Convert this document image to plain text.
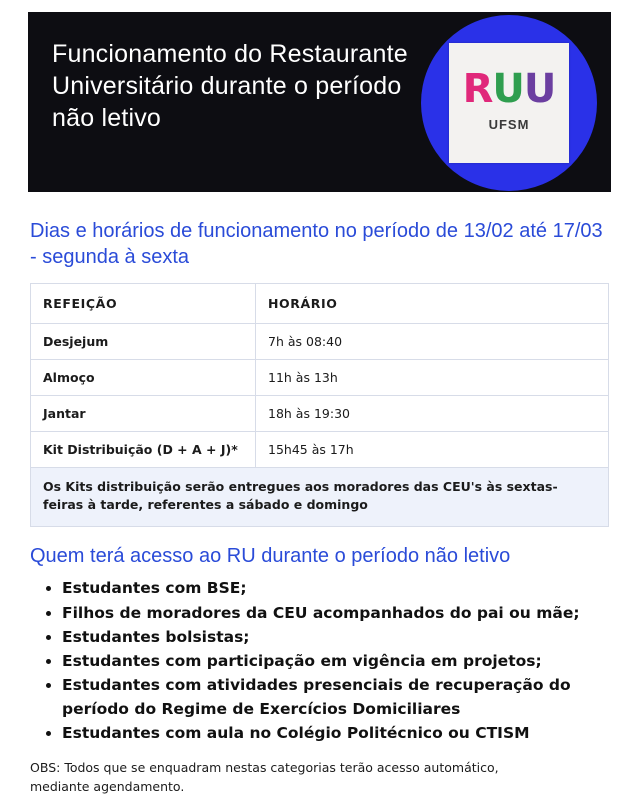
Funcionamento do Restaurante Universitário durante o período não letivo
RUU
UFSM
Dias e horários de funcionamento no período de 13/02 até 17/03 - segunda à sexta
REFEIÇÃO	HORÁRIO
Desjejum	7h às 08:40
Almoço	11h às 13h
Jantar	18h às 19:30
Kit Distribuição (D + A + J)*	15h45 às 17h
Os Kits distribuição serão entregues aos moradores das CEU's às sextas-feiras à tarde, referentes a sábado e domingo
Quem terá acesso ao RU durante o período não letivo
• Estudantes com BSE;
• Filhos de moradores da CEU acompanhados do pai ou mãe;
• Estudantes bolsistas;
• Estudantes com participação em vigência em projetos;
• Estudantes com atividades presenciais de recuperação do período do Regime de Exercícios Domiciliares
• Estudantes com aula no Colégio Politécnico ou CTISM
OBS: Todos que se enquadram nestas categorias terão acesso automático, mediante agendamento.
